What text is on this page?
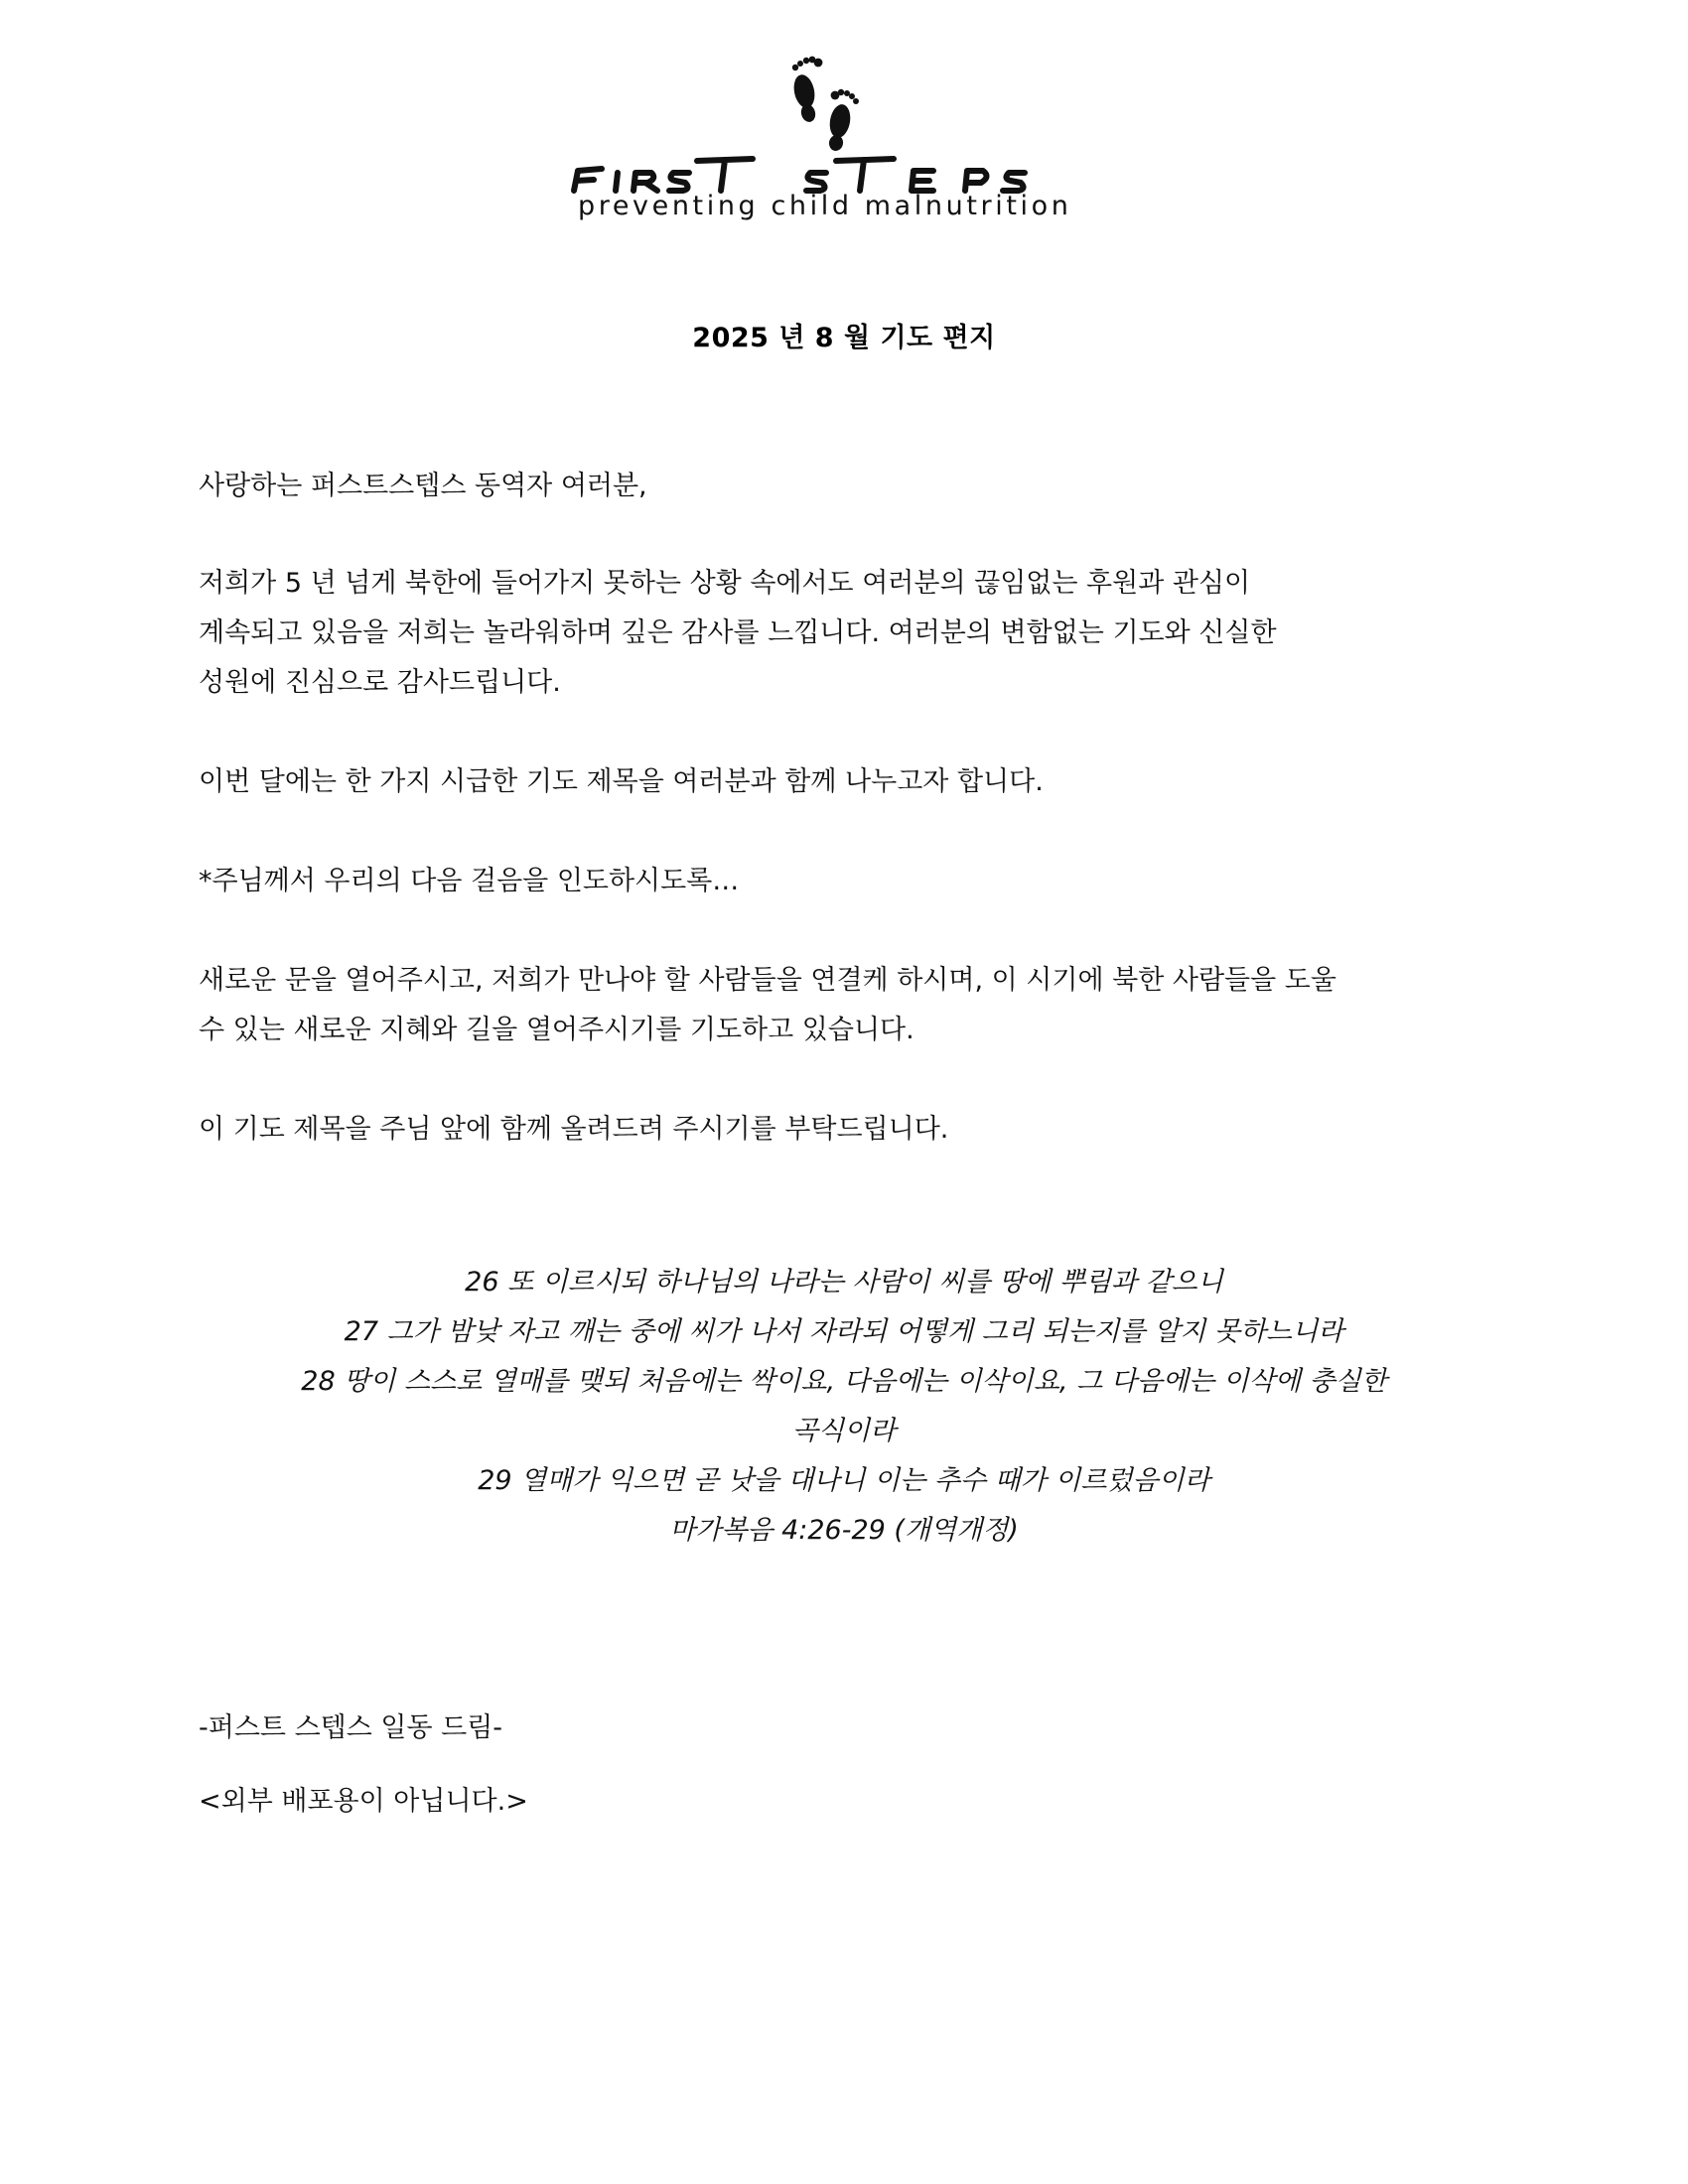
preventing child malnutrition
2025 년 8 월 기도 편지
사랑하는 퍼스트스텝스 동역자 여러분,
저희가 5 년 넘게 북한에 들어가지 못하는 상황 속에서도 여러분의 끊임없는 후원과 관심이
계속되고 있음을 저희는 놀라워하며 깊은 감사를 느낍니다. 여러분의 변함없는 기도와 신실한
성원에 진심으로 감사드립니다.
이번 달에는 한 가지 시급한 기도 제목을 여러분과 함께 나누고자 합니다.
*주님께서 우리의 다음 걸음을 인도하시도록…
새로운 문을 열어주시고, 저희가 만나야 할 사람들을 연결케 하시며, 이 시기에 북한 사람들을 도울
수 있는 새로운 지혜와 길을 열어주시기를 기도하고 있습니다.
이 기도 제목을 주님 앞에 함께 올려드려 주시기를 부탁드립니다.
26 또 이르시되 하나님의 나라는 사람이 씨를 땅에 뿌림과 같으니
27 그가 밤낮 자고 깨는 중에 씨가 나서 자라되 어떻게 그리 되는지를 알지 못하느니라
28 땅이 스스로 열매를 맺되 처음에는 싹이요, 다음에는 이삭이요, 그 다음에는 이삭에 충실한
곡식이라
29 열매가 익으면 곧 낫을 대나니 이는 추수 때가 이르렀음이라
마가복음 4:26-29 (개역개정)
-퍼스트 스텝스 일동 드림-
<외부 배포용이 아닙니다.>
